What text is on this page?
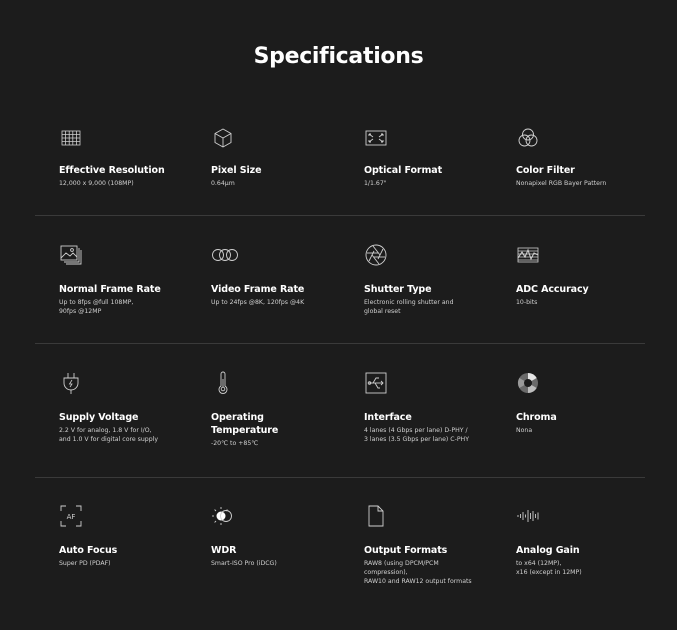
Specifications
Effective Resolution
12,000 x 9,000 (108MP)
Pixel Size
0.64μm
Optical Format
1/1.67"
Color Filter
Nonapixel RGB Bayer Pattern
Normal Frame Rate
Up to 8fps @full 108MP,
90fps @12MP
Video Frame Rate
Up to 24fps @8K, 120fps @4K
Shutter Type
Electronic rolling shutter and
global reset
ADC Accuracy
10-bits
Supply Voltage
2.2 V for analog, 1.8 V for I/O,
and 1.0 V for digital core supply
Operating
Temperature
-20℃ to +85℃
Interface
4 lanes (4 Gbps per lane) D-PHY /
3 lanes (3.5 Gbps per lane) C-PHY
Chroma
Nona
AF
Auto Focus
Super PD (PDAF)
WDR
Smart-ISO Pro (iDCG)
Output Formats
RAW8 (using DPCM/PCM
compression),
RAW10 and RAW12 output formats
Analog Gain
to x64 (12MP),
x16 (except in 12MP)
